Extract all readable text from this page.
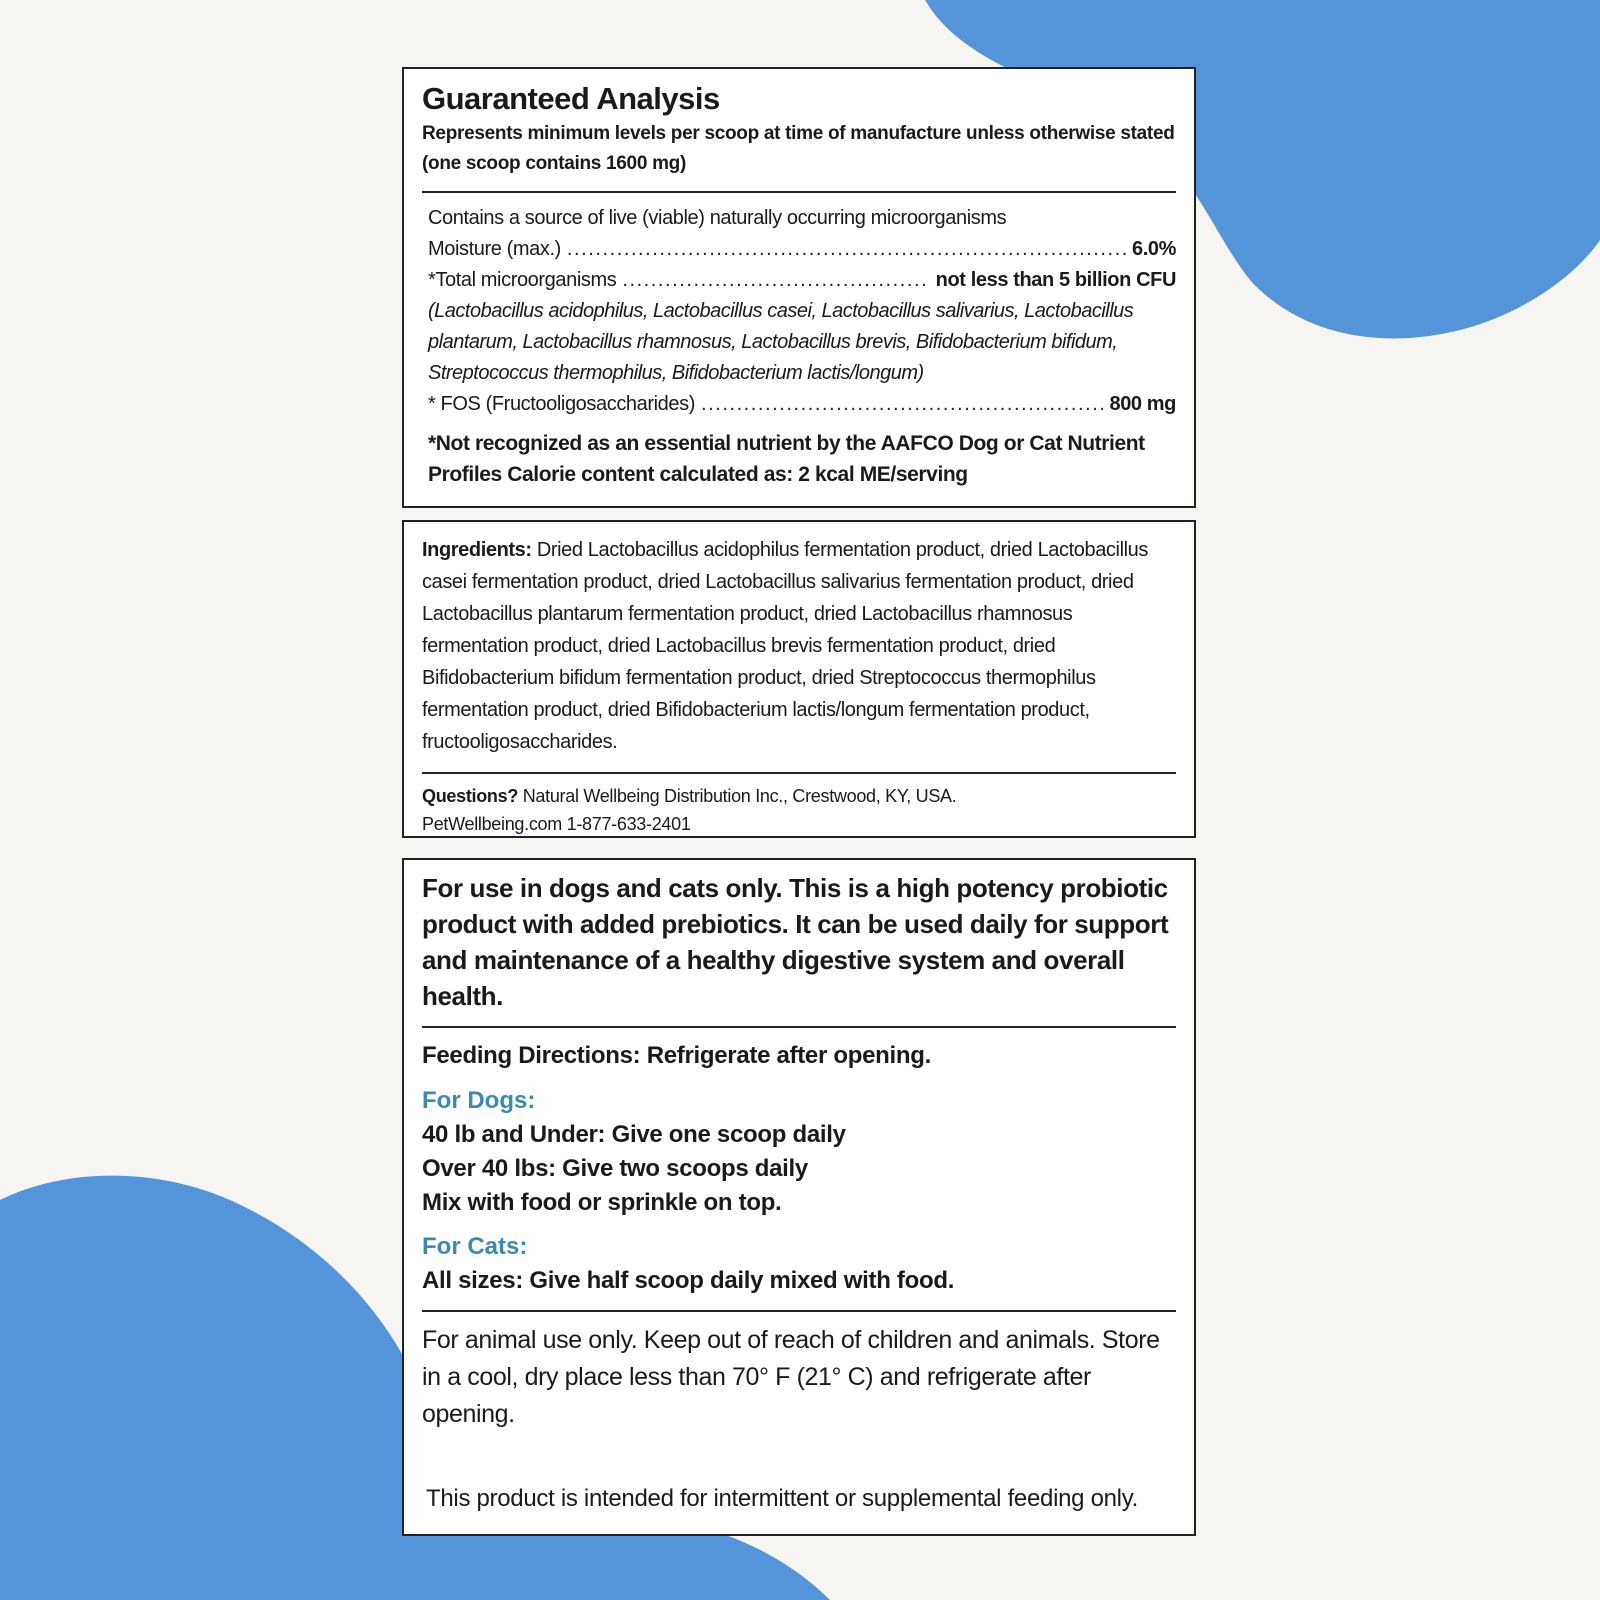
Guaranteed Analysis

Represents minimum levels per scoop at time of manufacture unless otherwise stated (one scoop contains 1600 mg)

Contains a source of live (viable) naturally occurring microorganisms
Moisture (max.) . . .	6.0%
*Total microorganisms . . .	not less than 5 billion CFU
(Lactobacillus acidophilus, Lactobacillus casei, Lactobacillus salivarius, Lactobacillus plantarum, Lactobacillus rhamnosus, Lactobacillus brevis, Bifidobacterium bifidum, Streptococcus thermophilus, Bifidobacterium lactis/longum)
* FOS (Fructooligosaccharides) . . .	800 mg
*Not recognized as an essential nutrient by the AAFCO Dog or Cat Nutrient Profiles Calorie content calculated as: 2 kcal ME/serving

Ingredients: Dried Lactobacillus acidophilus fermentation product, dried Lactobacillus casei fermentation product, dried Lactobacillus salivarius fermentation product, dried Lactobacillus plantarum fermentation product, dried Lactobacillus rhamnosus fermentation product, dried Lactobacillus brevis fermentation product, dried Bifidobacterium bifidum fermentation product, dried Streptococcus thermophilus fermentation product, dried Bifidobacterium lactis/longum fermentation product, fructooligosaccharides.

Questions? Natural Wellbeing Distribution Inc., Crestwood, KY, USA.

PetWellbeing.com 1-877-633-2401

For use in dogs and cats only. This is a high potency probiotic product with added prebiotics. It can be used daily for support and maintenance of a healthy digestive system and overall health.

Feeding Directions: Refrigerate after opening.

For Dogs:
40 lb and Under: Give one scoop daily
Over 40 lbs: Give two scoops daily
Mix with food or sprinkle on top.
For Cats:
All sizes: Give half scoop daily mixed with food.

For animal use only. Keep out of reach of children and animals. Store in a cool, dry place less than 70° F (21° C) and refrigerate after opening.

This product is intended for intermittent or supplemental feeding only.
